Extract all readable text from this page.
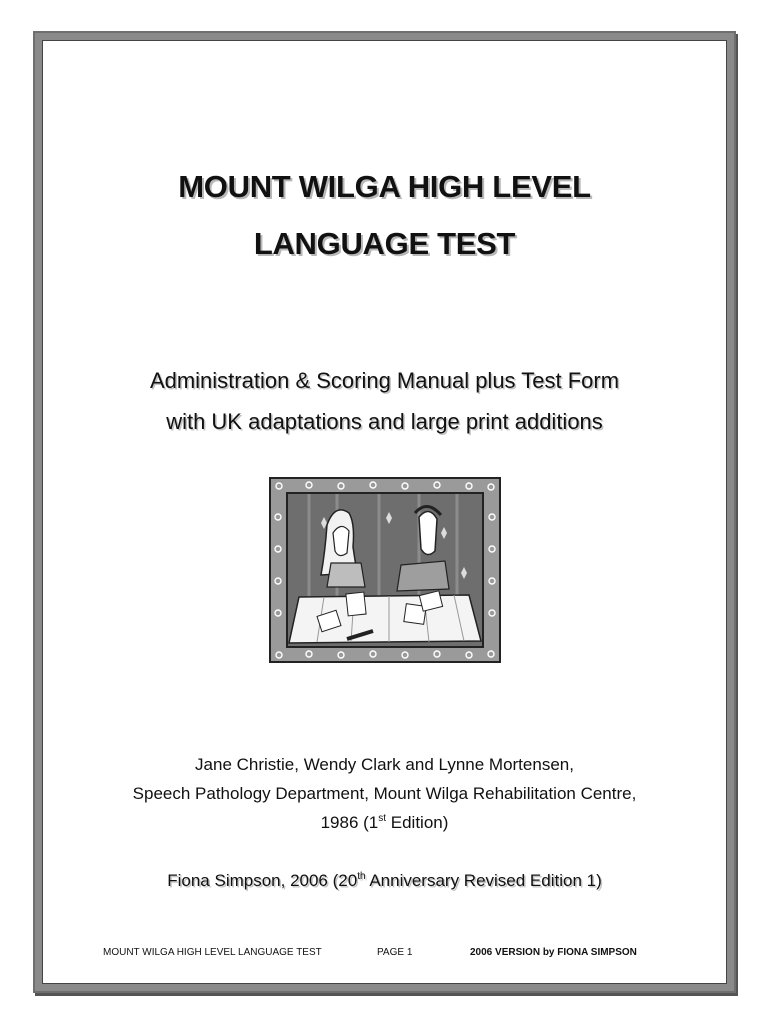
MOUNT WILGA HIGH LEVEL
LANGUAGE TEST
Administration & Scoring Manual plus Test Form
with UK adaptations and large print additions
Jane Christie, Wendy Clark and Lynne Mortensen,
Speech Pathology Department, Mount Wilga Rehabilitation Centre,
1986 (1st Edition)
Fiona Simpson, 2006 (20th Anniversary Revised Edition 1)
MOUNT WILGA HIGH LEVEL LANGUAGE TEST	PAGE 1	2006 VERSION by FIONA SIMPSON
